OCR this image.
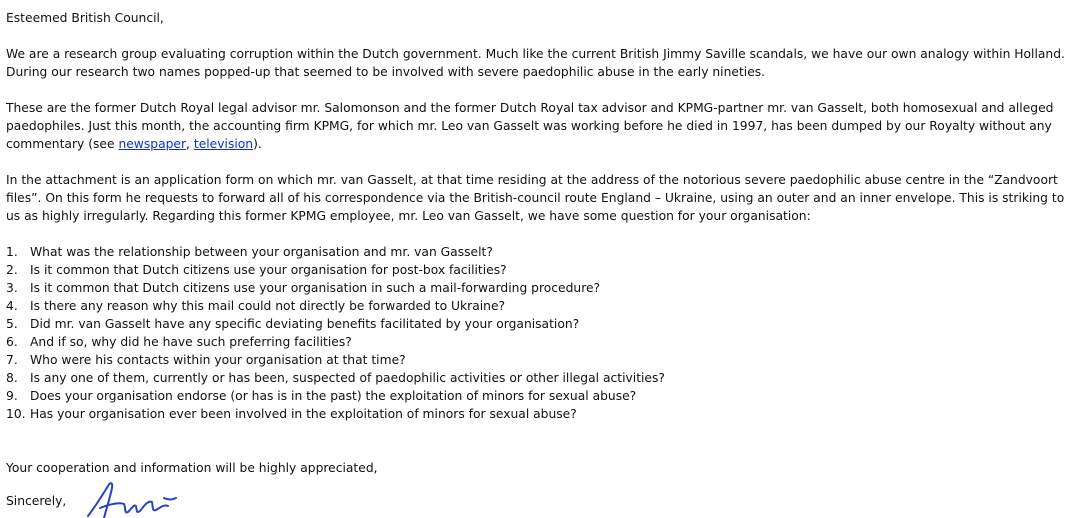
Esteemed British Council,

We are a research group evaluating corruption within the Dutch government. Much like the current British Jimmy Saville scandals, we have our own analogy within Holland. During our research two names popped-up that seemed to be involved with severe paedophilic abuse in the early nineties.

These are the former Dutch Royal legal advisor mr. Salomonson and the former Dutch Royal tax advisor and KPMG-partner mr. van Gasselt, both homosexual and alleged paedophiles. Just this month, the accounting firm KPMG, for which mr. Leo van Gasselt was working before he died in 1997, has been dumped by our Royalty without any commentary (see newspaper, television).

In the attachment is an application form on which mr. van Gasselt, at that time residing at the address of the notorious severe paedophilic abuse centre in the “Zandvoort files”. On this form he requests to forward all of his correspondence via the British-council route England – Ukraine, using an outer and an inner envelope. This is striking to us as highly irregularly. Regarding this former KPMG employee, mr. Leo van Gasselt, we have some question for your organisation:

1. What was the relationship between your organisation and mr. van Gasselt?
2. Is it common that Dutch citizens use your organisation for post-box facilities?
3. Is it common that Dutch citizens use your organisation in such a mail-forwarding procedure?
4. Is there any reason why this mail could not directly be forwarded to Ukraine?
5. Did mr. van Gasselt have any specific deviating benefits facilitated by your organisation?
6. And if so, why did he have such preferring facilities?
7. Who were his contacts within your organisation at that time?
8. Is any one of them, currently or has been, suspected of paedophilic activities or other illegal activities?
9. Does your organisation endorse (or has is in the past) the exploitation of minors for sexual abuse?
10. Has your organisation ever been involved in the exploitation of minors for sexual abuse?

Your cooperation and information will be highly appreciated,

Sincerely,
